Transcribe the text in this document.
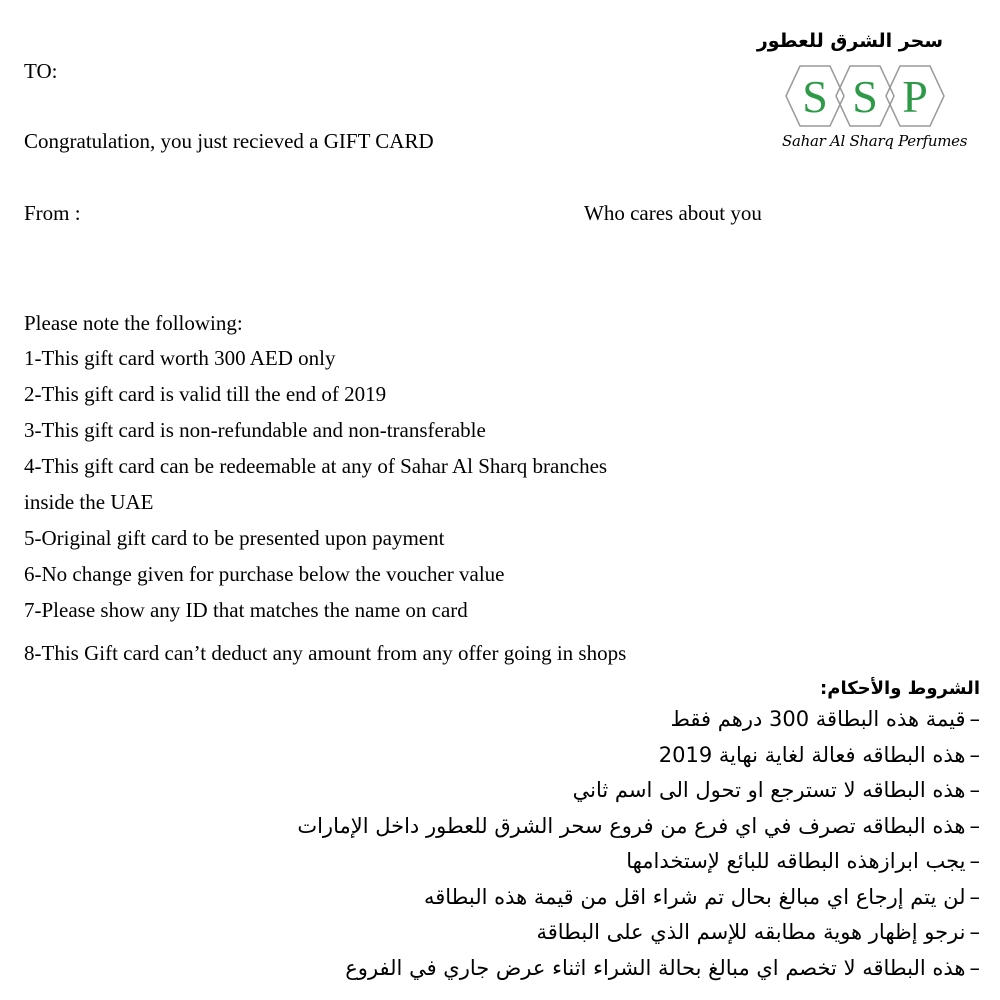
TO:
Congratulation, you just recieved a GIFT CARD
From :	Who cares about you
سحر الشرق للعطور
S S P
Sahar Al Sharq Perfumes
Please note the following:
1-This gift card worth 300 AED only
2-This gift card is valid till the end of 2019
3-This gift card is non-refundable and non-transferable
4-This gift card can be redeemable at any of Sahar Al Sharq branches
inside the UAE
5-Original gift card to be presented upon payment
6-No change given for purchase below the voucher value
7-Please show any ID that matches the name on card
8-This Gift card can’t deduct any amount from any offer going in shops
الشروط والأحكام:
–قيمة هذه البطاقة 300 درهم فقط
–هذه البطاقه فعالة لغاية نهاية 2019
–هذه البطاقه لا تسترجع او تحول الى اسم ثاني
–هذه البطاقه تصرف في اي فرع من فروع سحر الشرق للعطور داخل الإمارات
–يجب ابرازهذه البطاقه للبائع لإستخدامها
–لن يتم إرجاع اي مبالغ بحال تم شراء اقل من قيمة هذه البطاقه
–نرجو إظهار هوية مطابقه للإسم الذي على البطاقة
–هذه البطاقه لا تخصم اي مبالغ بحالة الشراء اثناء عرض جاري في الفروع
